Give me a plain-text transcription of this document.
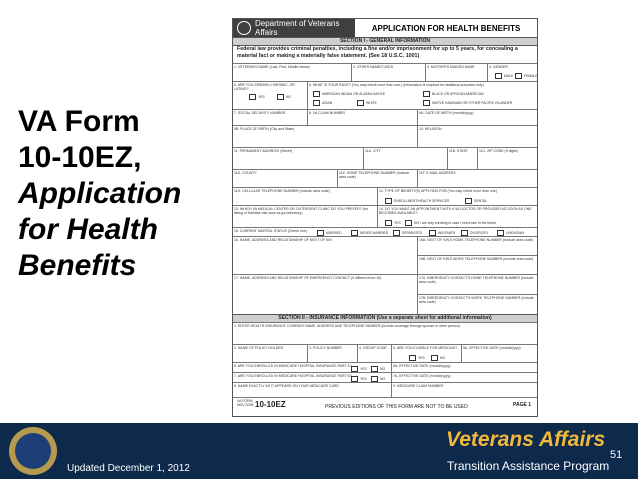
VA Form
10-10EZ,
Application
for Health
Benefits
Department of Veterans Affairs	APPLICATION FOR HEALTH BENEFITS
SECTION I - GENERAL INFORMATION
Federal law provides criminal penalties, including a fine and/or imprisonment for up to 5 years, for concealing a material fact or making a materially false statement. (See 18 U.S.C. 1001)
1. VETERAN'S NAME (Last, First, Middle Name)	2. OTHER NAMES USED	3. MOTHER'S MAIDEN NAME	4. GENDER
MALE	FEMALE
5. ARE YOU SPANISH, HISPANIC, OR LATINO?
6. WHAT IS YOUR RACE? (You may check more than one.) (Information is required for statistical purposes only.)
YES	NO
AMERICAN INDIAN OR ALASKA NATIVE	BLACK OR AFRICAN AMERICAN
ASIAN	WHITE	NATIVE HAWAIIAN OR OTHER PACIFIC ISLANDER
7. SOCIAL SECURITY NUMBER	8. VA CLAIM NUMBER	9A. DATE OF BIRTH (mm/dd/yyyy)
9B. PLACE OF BIRTH (City and State)	10. RELIGION
11. PERMANENT ADDRESS (Street)	11A. CITY	11B. STATE	11C. ZIP CODE (9 digits)
11D. COUNTY	11E. HOME TELEPHONE NUMBER (Include area code)
11F. E-MAIL ADDRESS
11G. CELLULAR TELEPHONE NUMBER (Include area code)	12. TYPE OF BENEFIT(S) APPLYING FOR (You may check more than one)
ENROLLMENT/HEALTH SERVICES	DENTAL
13. WHICH VA MEDICAL CENTER OR OUTPATIENT CLINIC DO YOU PREFER? (for listing of facilities visit www.va.gov/directory)
14. DO YOU WANT AN APPOINTMENT WITH A VA DOCTOR OR PROVIDER AS SOON AS ONE BECOMES AVAILABLE?
YES	NO I am only enrolling in case I need care in the future.
15. CURRENT MARITAL STATUS (Check one)	MARRIED	NEVER MARRIED	SEPARATED	WIDOWED	DIVORCED	UNKNOWN
16. NAME, ADDRESS AND RELATIONSHIP OF NEXT OF KIN	16A. NEXT OF KIN'S HOME TELEPHONE NUMBER (Include area code)
16B. NEXT OF KIN'S WORK TELEPHONE NUMBER (Include area code)
17. NAME, ADDRESS AND RELATIONSHIP OF EMERGENCY CONTACT (if different from 16)	17A. EMERGENCY CONTACT'S HOME TELEPHONE NUMBER (Include area code)
17B. EMERGENCY CONTACT'S WORK TELEPHONE NUMBER (Include area code)
SECTION II - INSURANCE INFORMATION (Use a separate sheet for additional information)
1. ENTER HEALTH INSURANCE COMPANY NAME, ADDRESS AND TELEPHONE NUMBER (include coverage through spouse or other person)
2. NAME OF POLICY HOLDER	3. POLICY NUMBER	4. GROUP CODE	5. ARE YOU ELIGIBLE FOR MEDICAID?	5A. EFFECTIVE DATE (mm/dd/yyyy)
YES	NO
6. ARE YOU ENROLLED IN MEDICARE HOSPITAL INSURANCE PART A?	6A. EFFECTIVE DATE (mm/dd/yyyy)
YES	NO
7. ARE YOU ENROLLED IN MEDICARE HOSPITAL INSURANCE PART B?	7A. EFFECTIVE DATE (mm/dd/yyyy)
YES	NO
8. NAME EXACTLY AS IT APPEARS ON YOUR MEDICARE CARD	9. MEDICARE CLAIM NUMBER
VA FORM
NOV 2008 10-10EZ	PREVIOUS EDITIONS OF THIS FORM ARE NOT TO BE USED	PAGE 1
Updated December 1, 2012
Veterans Affairs
Transition Assistance Program
51
